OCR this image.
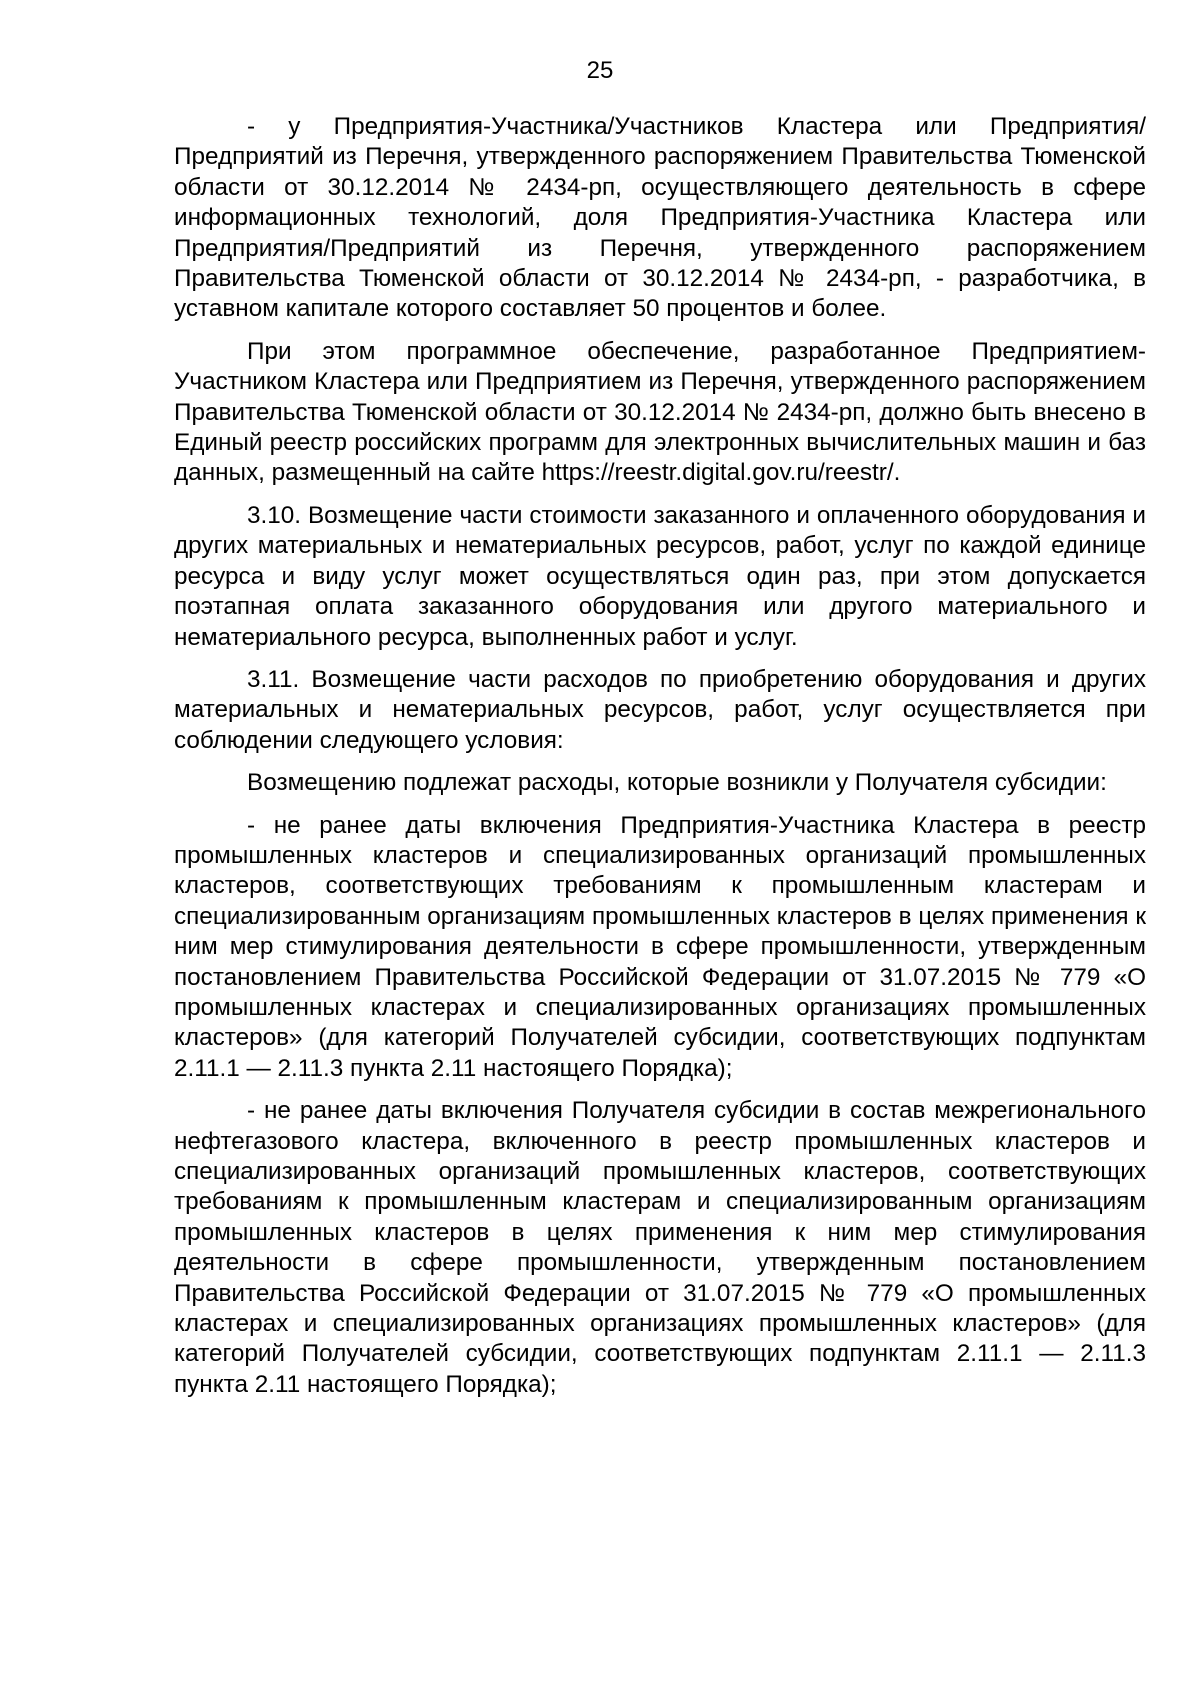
25

- у Предприятия-Участника/Участников Кластера или Предприятия/Предприятий из Перечня, утвержденного распоряжением Правительства Тюменской области от 30.12.2014 № 2434-рп, осуществляющего деятельность в сфере информационных технологий, доля Предприятия-Участника Кластера или Предприятия/Предприятий из Перечня, утвержденного распоряжением Правительства Тюменской области от 30.12.2014 № 2434-рп, - разработчика, в уставном капитале которого составляет 50 процентов и более.

При этом программное обеспечение, разработанное Предприятием-Участником Кластера или Предприятием из Перечня, утвержденного распоряжением Правительства Тюменской области от 30.12.2014 № 2434-рп, должно быть внесено в Единый реестр российских программ для электронных вычислительных машин и баз данных, размещенный на сайте https://reestr.digital.gov.ru/reestr/.

3.10. Возмещение части стоимости заказанного и оплаченного оборудования и других материальных и нематериальных ресурсов, работ, услуг по каждой единице ресурса и виду услуг может осуществляться один раз, при этом допускается поэтапная оплата заказанного оборудования или другого материального и нематериального ресурса, выполненных работ и услуг.

3.11. Возмещение части расходов по приобретению оборудования и других материальных и нематериальных ресурсов, работ, услуг осуществляется при соблюдении следующего условия:

Возмещению подлежат расходы, которые возникли у Получателя субсидии:

- не ранее даты включения Предприятия-Участника Кластера в реестр промышленных кластеров и специализированных организаций промышленных кластеров, соответствующих требованиям к промышленным кластерам и специализированным организациям промышленных кластеров в целях применения к ним мер стимулирования деятельности в сфере промышленности, утвержденным постановлением Правительства Российской Федерации от 31.07.2015 № 779 «О промышленных кластерах и специализированных организациях промышленных кластеров» (для категорий Получателей субсидии, соответствующих подпунктам 2.11.1 — 2.11.3 пункта 2.11 настоящего Порядка);

- не ранее даты включения Получателя субсидии в состав межрегионального нефтегазового кластера, включенного в реестр промышленных кластеров и специализированных организаций промышленных кластеров, соответствующих требованиям к промышленным кластерам и специализированным организациям промышленных кластеров в целях применения к ним мер стимулирования деятельности в сфере промышленности, утвержденным постановлением Правительства Российской Федерации от 31.07.2015 № 779 «О промышленных кластерах и специализированных организациях промышленных кластеров» (для категорий Получателей субсидии, соответствующих подпунктам 2.11.1 — 2.11.3 пункта 2.11 настоящего Порядка);
